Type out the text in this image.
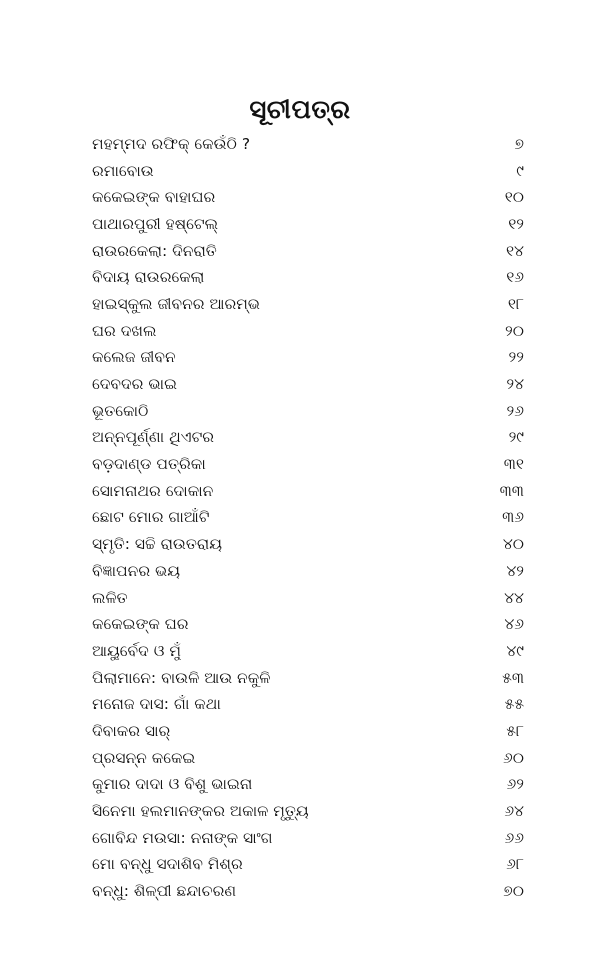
ସୂଚୀପତ୍ର
ମହମ୍ମଦ ରଫିକ୍ କେଉଁଠି ?	୭
ରମାବୋଉ	୯
କକେଇଙ୍କ ବାହାଘର	୧୦
ପାଥାରପୁରୀ ହଷ୍ଟେଲ୍	୧୨
ରାଉରକେଲା: ଦିନରାତି	୧୪
ବିଦାୟ ରାଉରକେଲା	୧୬
ହାଇସ୍କୁଲ ଜୀବନର ଆରମ୍ଭ	୧୮
ଘର ଦଖଲ	୨୦
କଲେଜ ଜୀବନ	୨୨
ଦେବଦର ଭାଇ	୨୪
ଭୂତକୋଠି	୨୬
ଅନ୍ନପୂର୍ଣ୍ଣା ଥିଏଟର	୨୯
ବଡ଼ଦାଣ୍ଡ ପତ୍ରିକା	୩୧
ସୋମନାଥର ଦୋକାନ	୩୩
ଛୋଟ ମୋର ଗାଆଁଟି	୩୬
ସ୍ମୃତି: ସଚ୍ଚି ରାଉତରାୟ	୪୦
ବିଜ୍ଞାପନର ଭୟ	୪୨
ଲଳିତ	୪୪
କକେଇଙ୍କ ଘର	୪୬
ଆୟୁର୍ବେଦ ଓ ମୁଁ	୪୯
ପିଲାମାନେ: ବାଉଳି ଆଉ ନକୁଳି	୫୩
ମନୋଜ ଦାସ: ଗାଁ କଥା	୫୫
ଦିବାକର ସାର୍	୫୮
ପ୍ରସନ୍ନ କକେଇ	୬୦
କୁମାର ଦାଦା ଓ ବିଶୁ ଭାଇନା	୬୨
ସିନେମା ହଲମାନଙ୍କର ଅକାଳ ମୃତ୍ୟୁ	୬୪
ଗୋବିନ୍ଦ ମଉସା: ନନାଙ୍କ ସାଂଗ	୬୬
ମୋ ବନ୍ଧୁ ସଦାଶିବ ମିଶ୍ର	୬୮
ବନ୍ଧୁ: ଶିଳ୍ପୀ ଛନ୍ଦାଚରଣ	୭୦
